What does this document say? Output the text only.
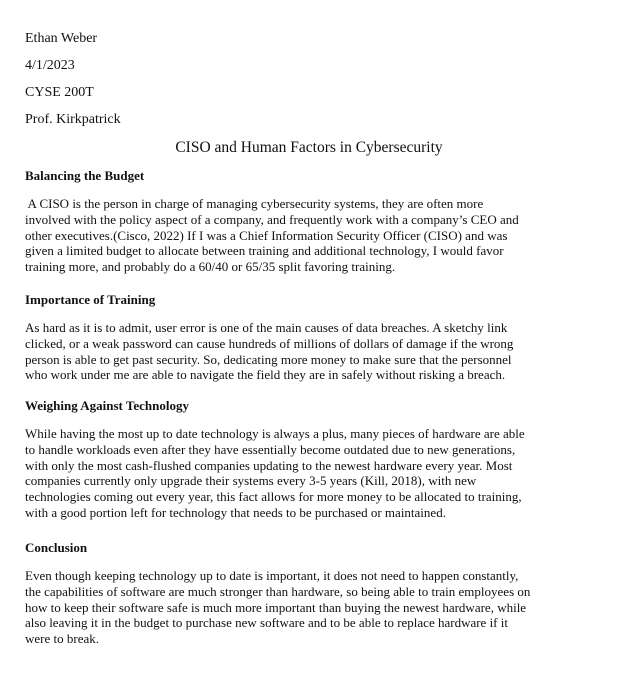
Ethan Weber
4/1/2023
CYSE 200T
Prof. Kirkpatrick
CISO and Human Factors in Cybersecurity
Balancing the Budget
A CISO is the person in charge of managing cybersecurity systems, they are often more
involved with the policy aspect of a company, and frequently work with a company’s CEO and
other executives.(Cisco, 2022) If I was a Chief Information Security Officer (CISO) and was
given a limited budget to allocate between training and additional technology, I would favor
training more, and probably do a 60/40 or 65/35 split favoring training.
Importance of Training
As hard as it is to admit, user error is one of the main causes of data breaches. A sketchy link
clicked, or a weak password can cause hundreds of millions of dollars of damage if the wrong
person is able to get past security. So, dedicating more money to make sure that the personnel
who work under me are able to navigate the field they are in safely without risking a breach.
Weighing Against Technology
While having the most up to date technology is always a plus, many pieces of hardware are able
to handle workloads even after they have essentially become outdated due to new generations,
with only the most cash-flushed companies updating to the newest hardware every year. Most
companies currently only upgrade their systems every 3-5 years (Kill, 2018), with new
technologies coming out every year, this fact allows for more money to be allocated to training,
with a good portion left for technology that needs to be purchased or maintained.
Conclusion
Even though keeping technology up to date is important, it does not need to happen constantly,
the capabilities of software are much stronger than hardware, so being able to train employees on
how to keep their software safe is much more important than buying the newest hardware, while
also leaving it in the budget to purchase new software and to be able to replace hardware if it
were to break.
